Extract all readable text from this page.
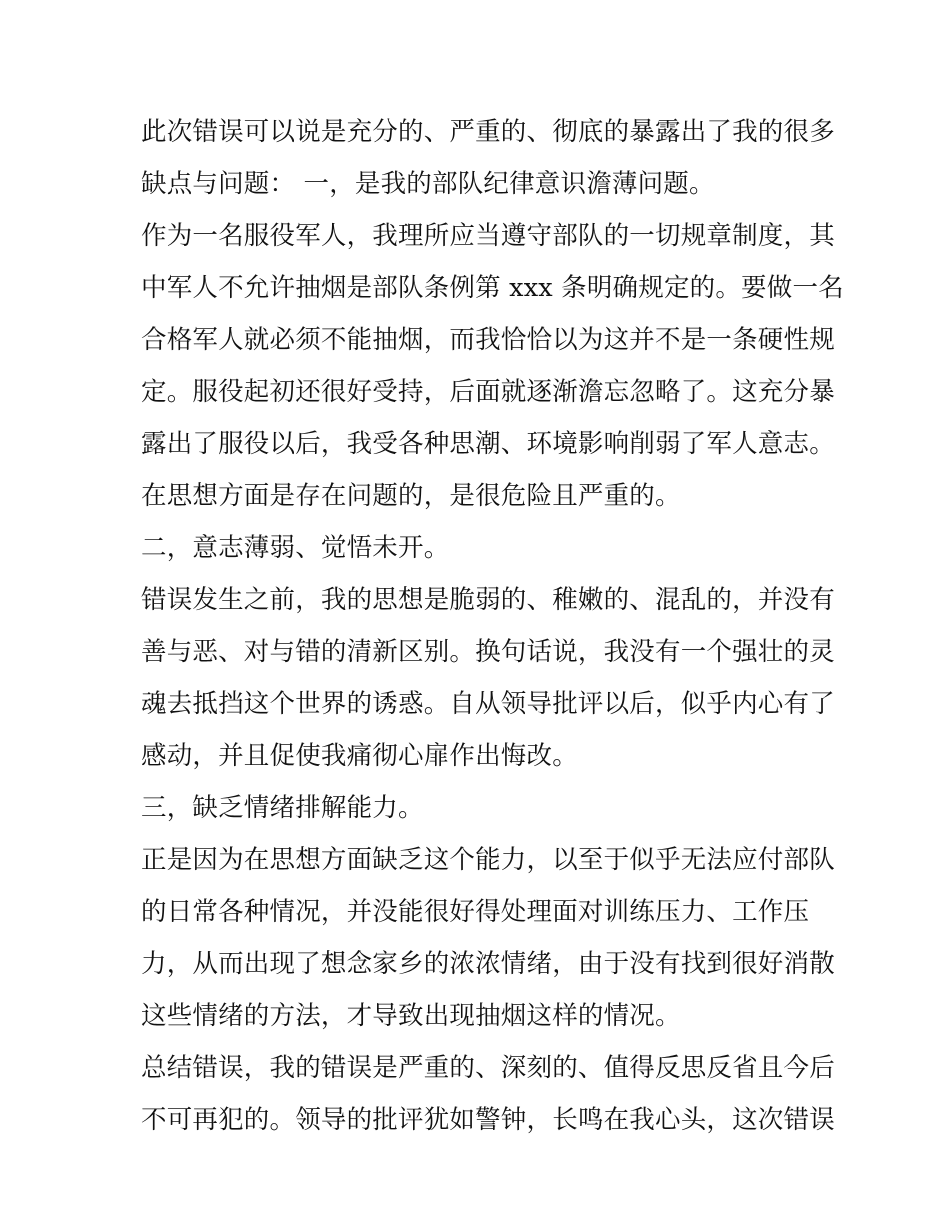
此次错误可以说是充分的、严重的、彻底的暴露出了我的很多
缺点与问题： 一，是我的部队纪律意识澹薄问题。
作为一名服役军人，我理所应当遵守部队的一切规章制度，其
中军人不允许抽烟是部队条例第 xxx 条明确规定的。要做一名
合格军人就必须不能抽烟，而我恰恰以为这并不是一条硬性规
定。服役起初还很好受持，后面就逐渐澹忘忽略了。这充分暴
露出了服役以后，我受各种思潮、环境影响削弱了军人意志。
在思想方面是存在问题的，是很危险且严重的。
二，意志薄弱、觉悟未开。
错误发生之前，我的思想是脆弱的、稚嫩的、混乱的，并没有
善与恶、对与错的清新区别。换句话说，我没有一个强壮的灵
魂去抵挡这个世界的诱惑。自从领导批评以后，似乎内心有了
感动，并且促使我痛彻心扉作出悔改。
三，缺乏情绪排解能力。
正是因为在思想方面缺乏这个能力，以至于似乎无法应付部队
的日常各种情况，并没能很好得处理面对训练压力、工作压
力，从而出现了想念家乡的浓浓情绪，由于没有找到很好消散
这些情绪的方法，才导致出现抽烟这样的情况。
总结错误，我的错误是严重的、深刻的、值得反思反省且今后
不可再犯的。领导的批评犹如警钟，长鸣在我心头，这次错误
